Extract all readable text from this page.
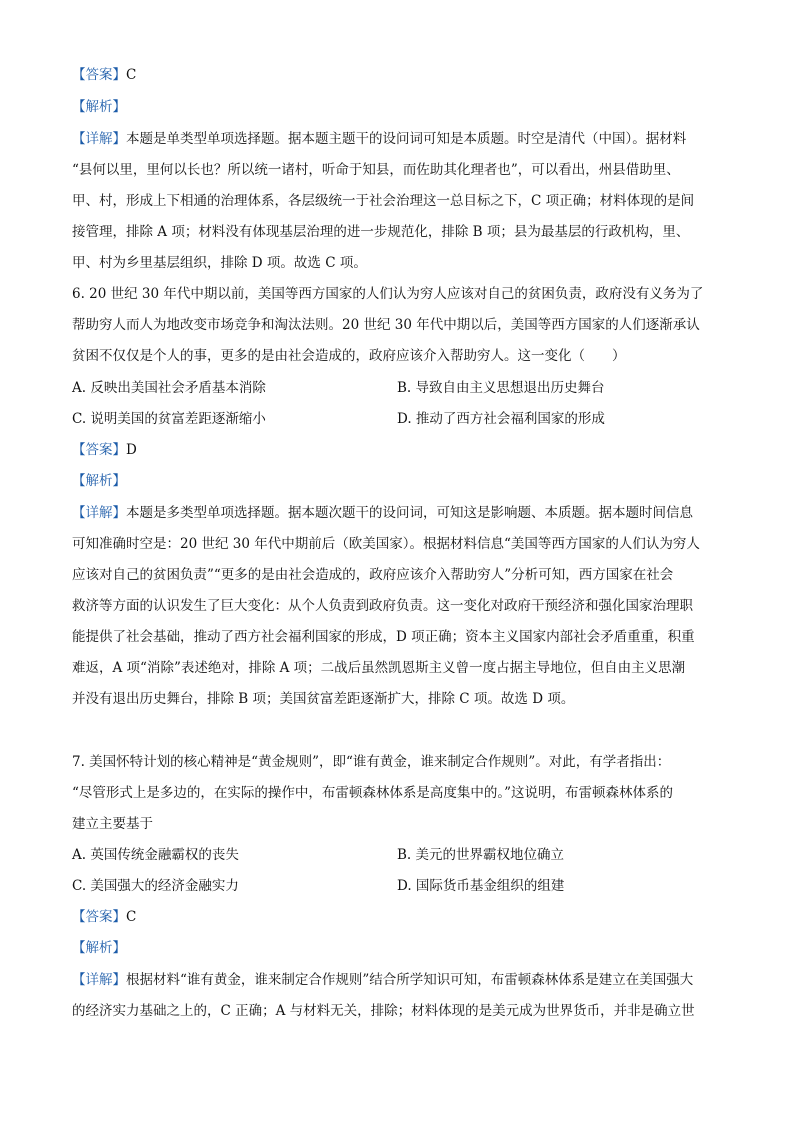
【答案】C
【解析】
【详解】本题是单类型单项选择题。据本题主题干的设问词可知是本质题。时空是清代（中国）。据材料
“县何以里，里何以长也？所以统一诸村，听命于知县，而佐助其化理者也”，可以看出，州县借助里、
甲、村，形成上下相通的治理体系，各层级统一于社会治理这一总目标之下，C 项正确；材料体现的是间
接管理，排除 A 项；材料没有体现基层治理的进一步规范化，排除 B 项；县为最基层的行政机构，里、
甲、村为乡里基层组织，排除 D 项。故选 C 项。
6. 20 世纪 30 年代中期以前，美国等西方国家的人们认为穷人应该对自己的贫困负责，政府没有义务为了
帮助穷人而人为地改变市场竞争和淘汰法则。20 世纪 30 年代中期以后，美国等西方国家的人们逐渐承认
贫困不仅仅是个人的事，更多的是由社会造成的，政府应该介入帮助穷人。这一变化（　　）
A. 反映出美国社会矛盾基本消除	B. 导致自由主义思想退出历史舞台
C. 说明美国的贫富差距逐渐缩小	D. 推动了西方社会福利国家的形成
【答案】D
【解析】
【详解】本题是多类型单项选择题。据本题次题干的设问词，可知这是影响题、本质题。据本题时间信息
可知准确时空是：20 世纪 30 年代中期前后（欧美国家）。根据材料信息“美国等西方国家的人们认为穷人
应该对自己的贫困负责”“更多的是由社会造成的，政府应该介入帮助穷人”分析可知，西方国家在社会
救济等方面的认识发生了巨大变化：从个人负责到政府负责。这一变化对政府干预经济和强化国家治理职
能提供了社会基础，推动了西方社会福利国家的形成，D 项正确；资本主义国家内部社会矛盾重重，积重
难返，A 项“消除”表述绝对，排除 A 项；二战后虽然凯恩斯主义曾一度占据主导地位，但自由主义思潮
并没有退出历史舞台，排除 B 项；美国贫富差距逐渐扩大，排除 C 项。故选 D 项。
7. 美国怀特计划的核心精神是“黄金规则”，即“谁有黄金，谁来制定合作规则”。对此，有学者指出：
“尽管形式上是多边的，在实际的操作中，布雷顿森林体系是高度集中的。”这说明，布雷顿森林体系的
建立主要基于
A. 英国传统金融霸权的丧失	B. 美元的世界霸权地位确立
C. 美国强大的经济金融实力	D. 国际货币基金组织的组建
【答案】C
【解析】
【详解】根据材料“谁有黄金，谁来制定合作规则”结合所学知识可知，布雷顿森林体系是建立在美国强大
的经济实力基础之上的，C 正确；A 与材料无关，排除；材料体现的是美元成为世界货币，并非是确立世
